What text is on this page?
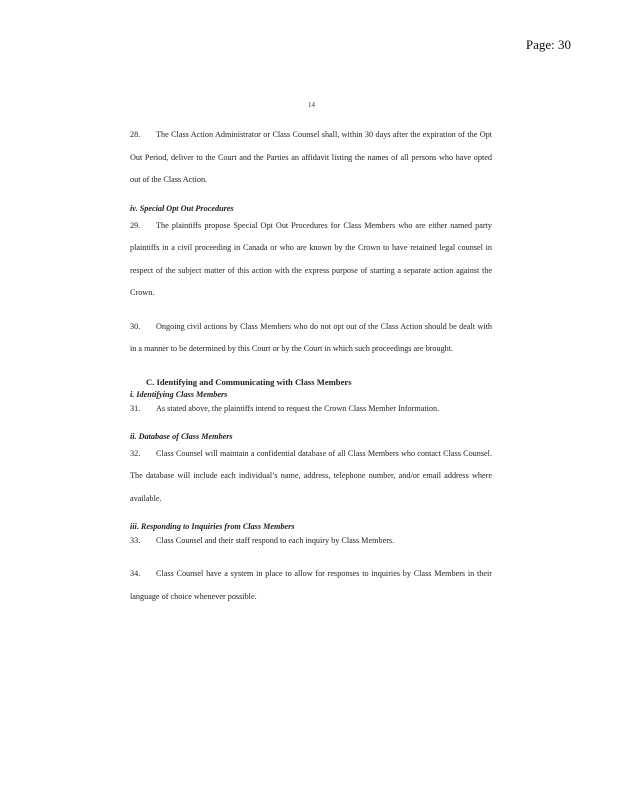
Page: 30
14

28. The Class Action Administrator or Class Counsel shall, within 30 days after the expiration of the Opt Out Period, deliver to the Court and the Parties an affidavit listing the names of all persons who have opted out of the Class Action.

iv. Special Opt Out Procedures

29. The plaintiffs propose Special Opt Out Procedures for Class Members who are either named party plaintiffs in a civil proceeding in Canada or who are known by the Crown to have retained legal counsel in respect of the subject matter of this action with the express purpose of starting a separate action against the Crown.

30. Ongoing civil actions by Class Members who do not opt out of the Class Action should be dealt with in a manner to be determined by this Court or by the Court in which such proceedings are brought.

C. Identifying and Communicating with Class Members

i. Identifying Class Members

31. As stated above, the plaintiffs intend to request the Crown Class Member Information.

ii. Database of Class Members

32. Class Counsel will maintain a confidential database of all Class Members who contact Class Counsel. The database will include each individual’s name, address, telephone number, and/or email address where available.

iii. Responding to Inquiries from Class Members

33. Class Counsel and their staff respond to each inquiry by Class Members.

34. Class Counsel have a system in place to allow for responses to inquiries by Class Members in their language of choice whenever possible.
